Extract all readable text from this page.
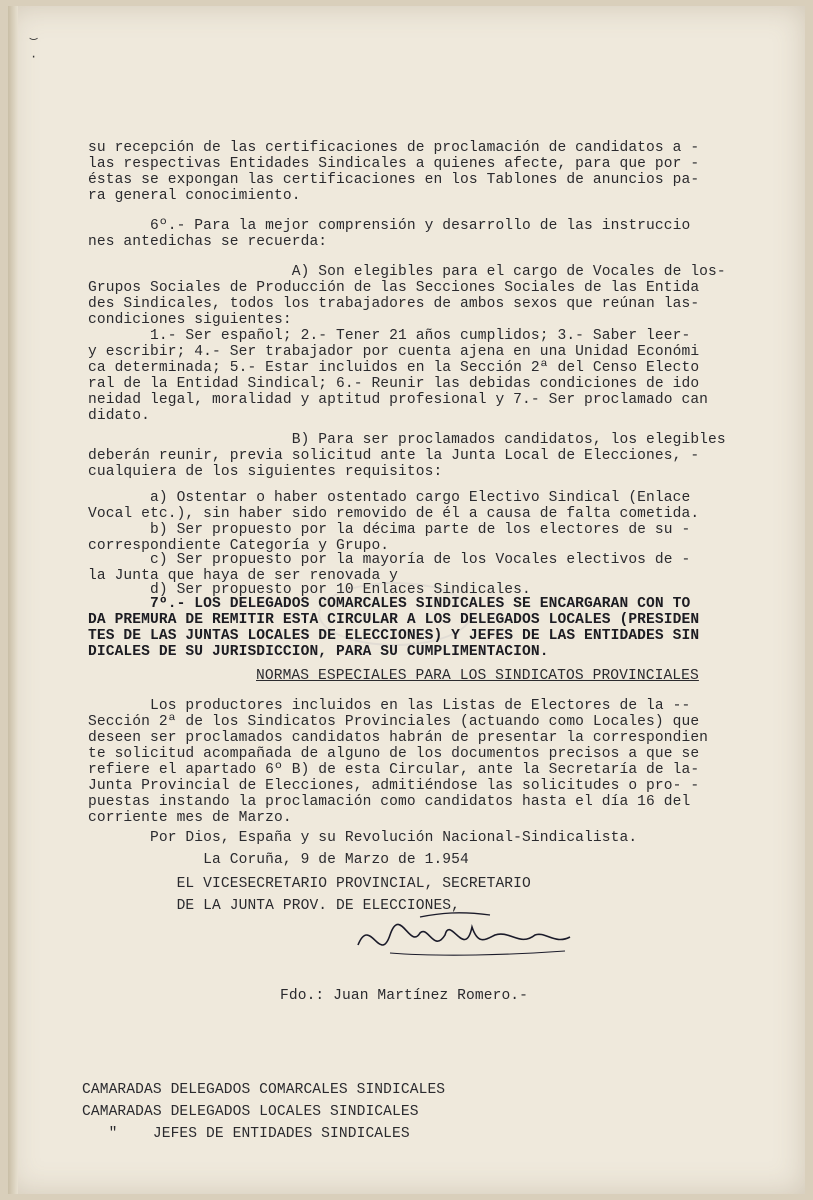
‿
·
su recepción de las certificaciones de proclamación de candidatos a -
las respectivas Entidades Sindicales a quienes afecte, para que por -
éstas se expongan las certificaciones en los Tablones de anuncios pa-
ra general conocimiento.
6º.- Para la mejor comprensión y desarrollo de las instruccio
nes antedichas se recuerda:
A) Son elegibles para el cargo de Vocales de los-
Grupos Sociales de Producción de las Secciones Sociales de las Entida
des Sindicales, todos los trabajadores de ambos sexos que reúnan las-
condiciones siguientes:
1.- Ser español; 2.- Tener 21 años cumplidos; 3.- Saber leer-
y escribir; 4.- Ser trabajador por cuenta ajena en una Unidad Económi
ca determinada; 5.- Estar incluidos en la Sección 2ª del Censo Electo
ral de la Entidad Sindical; 6.- Reunir las debidas condiciones de ido
neidad legal, moralidad y aptitud profesional y 7.- Ser proclamado can
didato.
B) Para ser proclamados candidatos, los elegibles
deberán reunir, previa solicitud ante la Junta Local de Elecciones, -
cualquiera de los siguientes requisitos:
a) Ostentar o haber ostentado cargo Electivo Sindical (Enlace
Vocal etc.), sin haber sido removido de él a causa de falta cometida.
b) Ser propuesto por la décima parte de los electores de su -
correspondiente Categoría y Grupo.
c) Ser propuesto por la mayoría de los Vocales electivos de -
la Junta que haya de ser renovada y
d) Ser propuesto por 10 Enlaces Sindicales.
7º.- LOS DELEGADOS COMARCALES SINDICALES SE ENCARGARAN CON TO
DA PREMURA DE REMITIR ESTA CIRCULAR A LOS DELEGADOS LOCALES (PRESIDEN
TES DE LAS JUNTAS LOCALES DE ELECCIONES) Y JEFES DE LAS ENTIDADES SIN
DICALES DE SU JURISDICCION, PARA SU CUMPLIMENTACION.
NORMAS ESPECIALES PARA LOS SINDICATOS PROVINCIALES
Los productores incluidos en las Listas de Electores de la --
Sección 2ª de los Sindicatos Provinciales (actuando como Locales) que
deseen ser proclamados candidatos habrán de presentar la correspondien
te solicitud acompañada de alguno de los documentos precisos a que se
refiere el apartado 6º B) de esta Circular, ante la Secretaría de la-
Junta Provincial de Elecciones, admitiéndose las solicitudes o pro- -
puestas instando la proclamación como candidatos hasta el día 16 del
corriente mes de Marzo.
Por Dios, España y su Revolución Nacional-Sindicalista.
La Coruña, 9 de Marzo de 1.954
EL VICESECRETARIO PROVINCIAL, SECRETARIO
DE LA JUNTA PROV. DE ELECCIONES,
Fdo.: Juan Martínez Romero.-
CAMARADAS DELEGADOS COMARCALES SINDICALES
CAMARADAS DELEGADOS LOCALES SINDICALES
"    JEFES DE ENTIDADES SINDICALES
